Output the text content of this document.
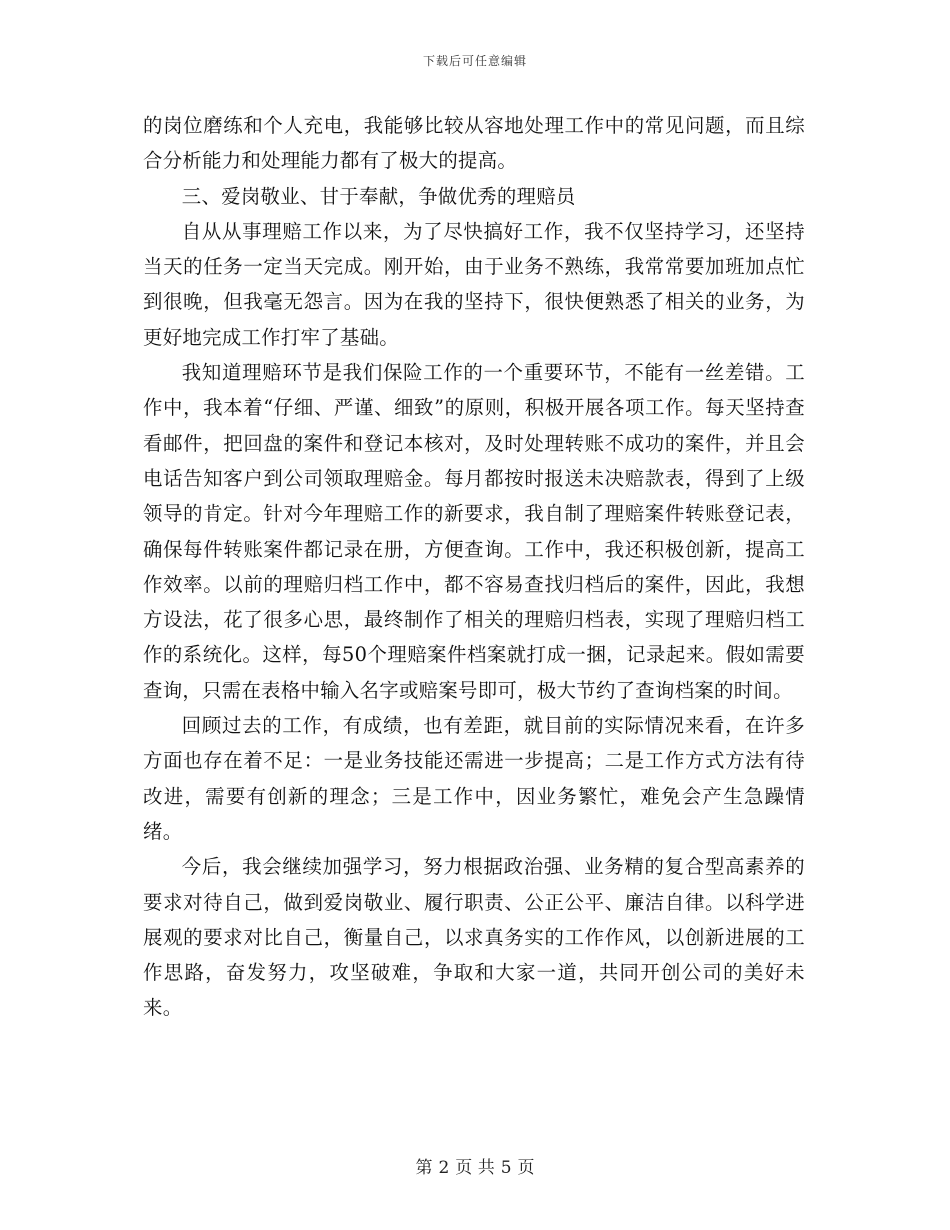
下载后可任意编辑

的岗位磨练和个人充电，我能够比较从容地处理工作中的常见问题，而且综合分析能力和处理能力都有了极大的提高。

三、爱岗敬业、甘于奉献，争做优秀的理赔员

自从从事理赔工作以来，为了尽快搞好工作，我不仅坚持学习，还坚持当天的任务一定当天完成。刚开始，由于业务不熟练，我常常要加班加点忙到很晚，但我毫无怨言。因为在我的坚持下，很快便熟悉了相关的业务，为更好地完成工作打牢了基础。

我知道理赔环节是我们保险工作的一个重要环节，不能有一丝差错。工作中，我本着“仔细、严谨、细致”的原则，积极开展各项工作。每天坚持查看邮件，把回盘的案件和登记本核对，及时处理转账不成功的案件，并且会电话告知客户到公司领取理赔金。每月都按时报送未决赔款表，得到了上级领导的肯定。针对今年理赔工作的新要求，我自制了理赔案件转账登记表，确保每件转账案件都记录在册，方便查询。工作中，我还积极创新，提高工作效率。以前的理赔归档工作中，都不容易查找归档后的案件，因此，我想方设法，花了很多心思，最终制作了相关的理赔归档表，实现了理赔归档工作的系统化。这样，每50个理赔案件档案就打成一捆，记录起来。假如需要查询，只需在表格中输入名字或赔案号即可，极大节约了查询档案的时间。

回顾过去的工作，有成绩，也有差距，就目前的实际情况来看，在许多方面也存在着不足：一是业务技能还需进一步提高；二是工作方式方法有待改进，需要有创新的理念；三是工作中，因业务繁忙，难免会产生急躁情绪。

今后，我会继续加强学习，努力根据政治强、业务精的复合型高素养的要求对待自己，做到爱岗敬业、履行职责、公正公平、廉洁自律。以科学进展观的要求对比自己，衡量自己，以求真务实的工作作风，以创新进展的工作思路，奋发努力，攻坚破难，争取和大家一道，共同开创公司的美好未来。

第 2 页 共 5 页
